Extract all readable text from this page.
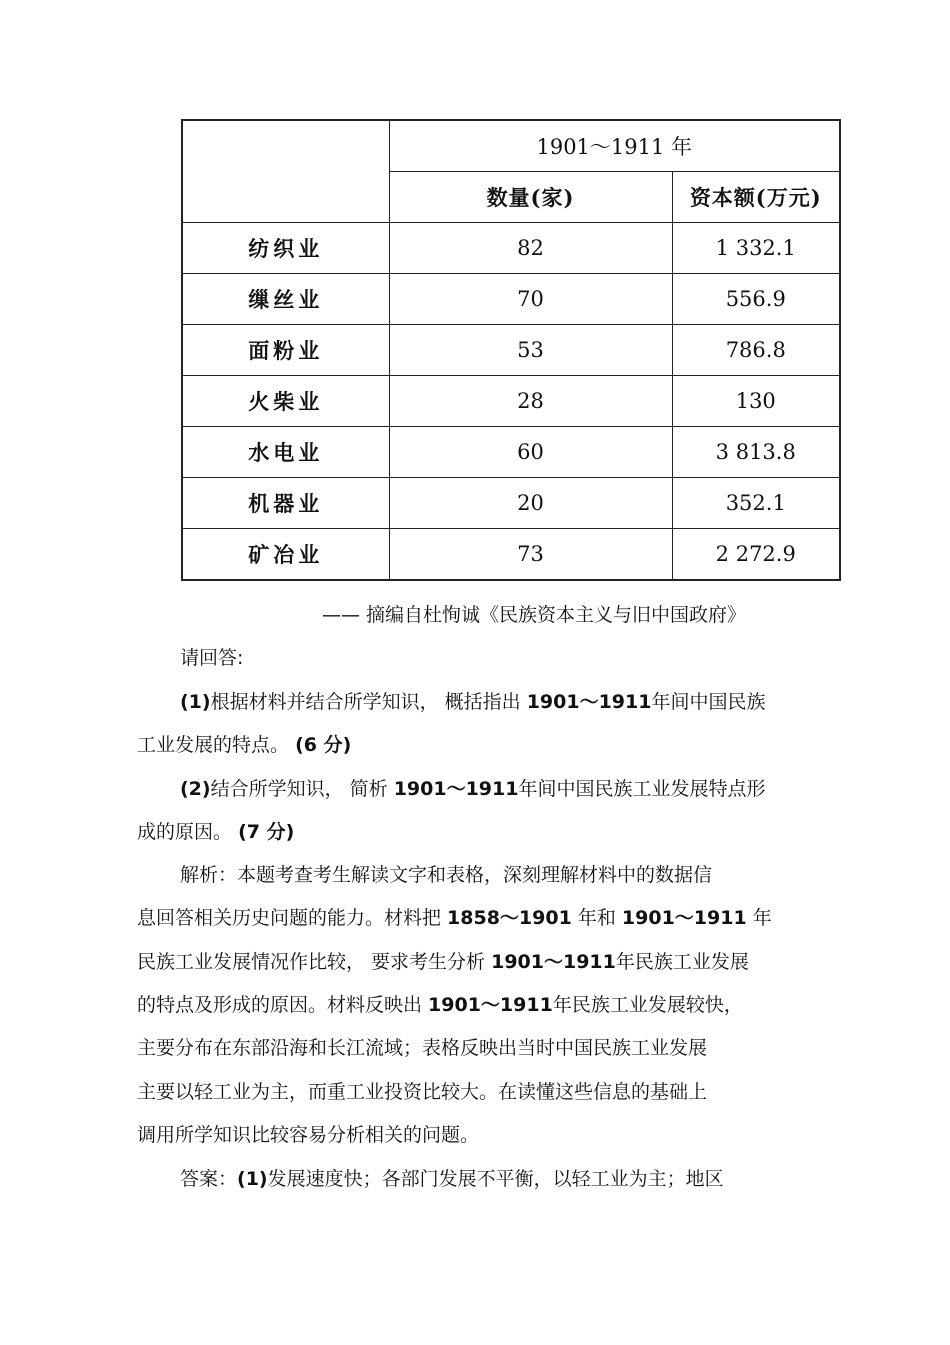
	1901～1911 年	
	数量(家)	资本额(万元)
纺织业	82	1 332.1
缫丝业	70	556.9
面粉业	53	786.8
火柴业	28	130
水电业	60	3 813.8
机器业	20	352.1
矿冶业	73	2 272.9
—— 摘编自杜恂诚《民族资本主义与旧中国政府》
请回答:
(1)根据材料并结合所学知识， 概括指出 1901～1911年间中国民族
工业发展的特点。 (6 分)
(2)结合所学知识， 简析 1901～1911年间中国民族工业发展特点形
成的原因。 (7 分)
解析：本题考查考生解读文字和表格，深刻理解材料中的数据信
息回答相关历史问题的能力。材料把 1858～1901 年和 1901～1911 年
民族工业发展情况作比较， 要求考生分析 1901～1911年民族工业发展
的特点及形成的原因。材料反映出 1901～1911年民族工业发展较快，
主要分布在东部沿海和长江流域；表格反映出当时中国民族工业发展
主要以轻工业为主，而重工业投资比较大。在读懂这些信息的基础上
调用所学知识比较容易分析相关的问题。
答案：(1)发展速度快；各部门发展不平衡，以轻工业为主；地区
